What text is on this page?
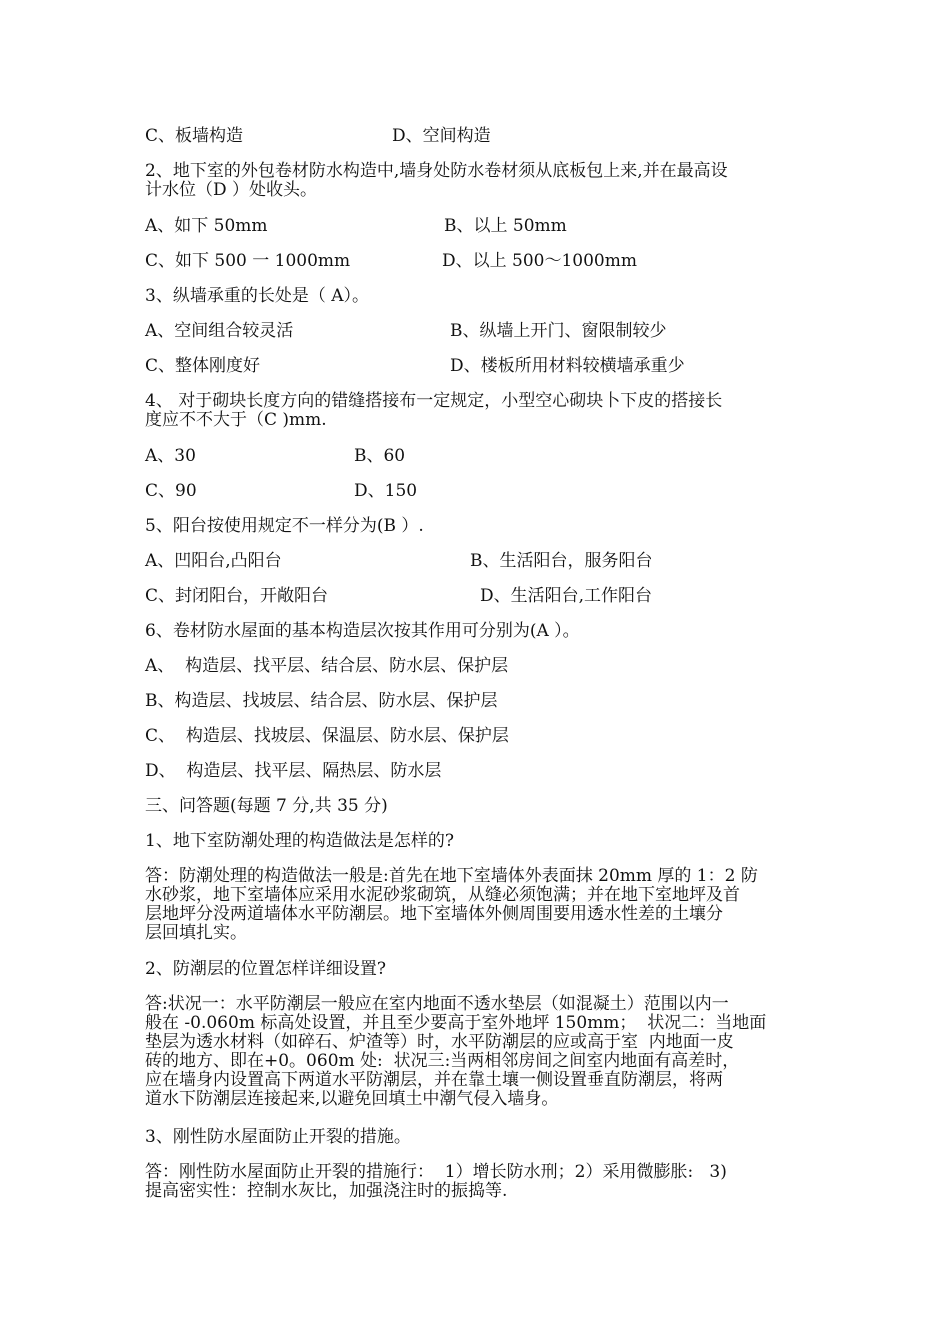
C、板墙构造	D、空间构造
2、地下室的外包卷材防水构造中,墙身处防水卷材须从底板包上来,并在最高设
计水位（D ）处收头。
A、如下 50mm	B、以上 50mm
C、如下 500 一 1000mm	D、以上 500～1000mm
3、纵墙承重的长处是（ A）。
A、空间组合较灵活	B、纵墙上开门、窗限制较少
C、整体刚度好	D、楼板所用材料较横墙承重少
4、 对于砌块长度方向的错缝搭接布一定规定，小型空心砌块卜下皮的搭接长
度应不不大于（C )mm.
A、30	B、60
C、90	D、150
5、阳台按使用规定不一样分为(B ）.
A、凹阳台,凸阳台	B、生活阳台，服务阳台
C、封闭阳台，开敞阳台	D、生活阳台,工作阳台
6、卷材防水屋面的基本构造层次按其作用可分别为(A ）。
A、  构造层、找平层、结合层、防水层、保护层
B、构造层、找坡层、结合层、防水层、保护层
C、  构造层、找坡层、保温层、防水层、保护层
D、  构造层、找平层、隔热层、防水层
三、问答题(每题 7 分,共 35 分)
1、地下室防潮处理的构造做法是怎样的?
答：防潮处理的构造做法一般是:首先在地下室墙体外表面抹 20mm 厚的 1：2 防
水砂浆，地下室墙体应采用水泥砂浆砌筑，从缝必须饱满；并在地下室地坪及首
层地坪分没两道墙体水平防潮层。地下室墙体外侧周围要用透水性差的土壤分
层回填扎实。
2、防潮层的位置怎样详细设置?
答:状况一：水平防潮层一般应在室内地面不透水垫层（如混凝土）范围以内一
般在 -0.060m 标高处设置，并且至少要高于室外地坪 150mm；  状况二：当地面
垫层为透水材料（如碎石、炉渣等）时，水平防潮层的应或高于室  内地面一皮
砖的地方、即在+0。060m 处:  状况三:当两相邻房间之间室内地面有高差时，
应在墙身内设置高下两道水平防潮层，并在靠土壤一侧设置垂直防潮层，将两
道水下防潮层连接起来,以避免回填土中潮气侵入墙身。
3、刚性防水屋面防止开裂的措施。
答：刚性防水屋面防止开裂的措施行：  1）增长防水刑；2）采用微膨胀:   3)
提高密实性：控制水灰比，加强浇注时的振捣等.
